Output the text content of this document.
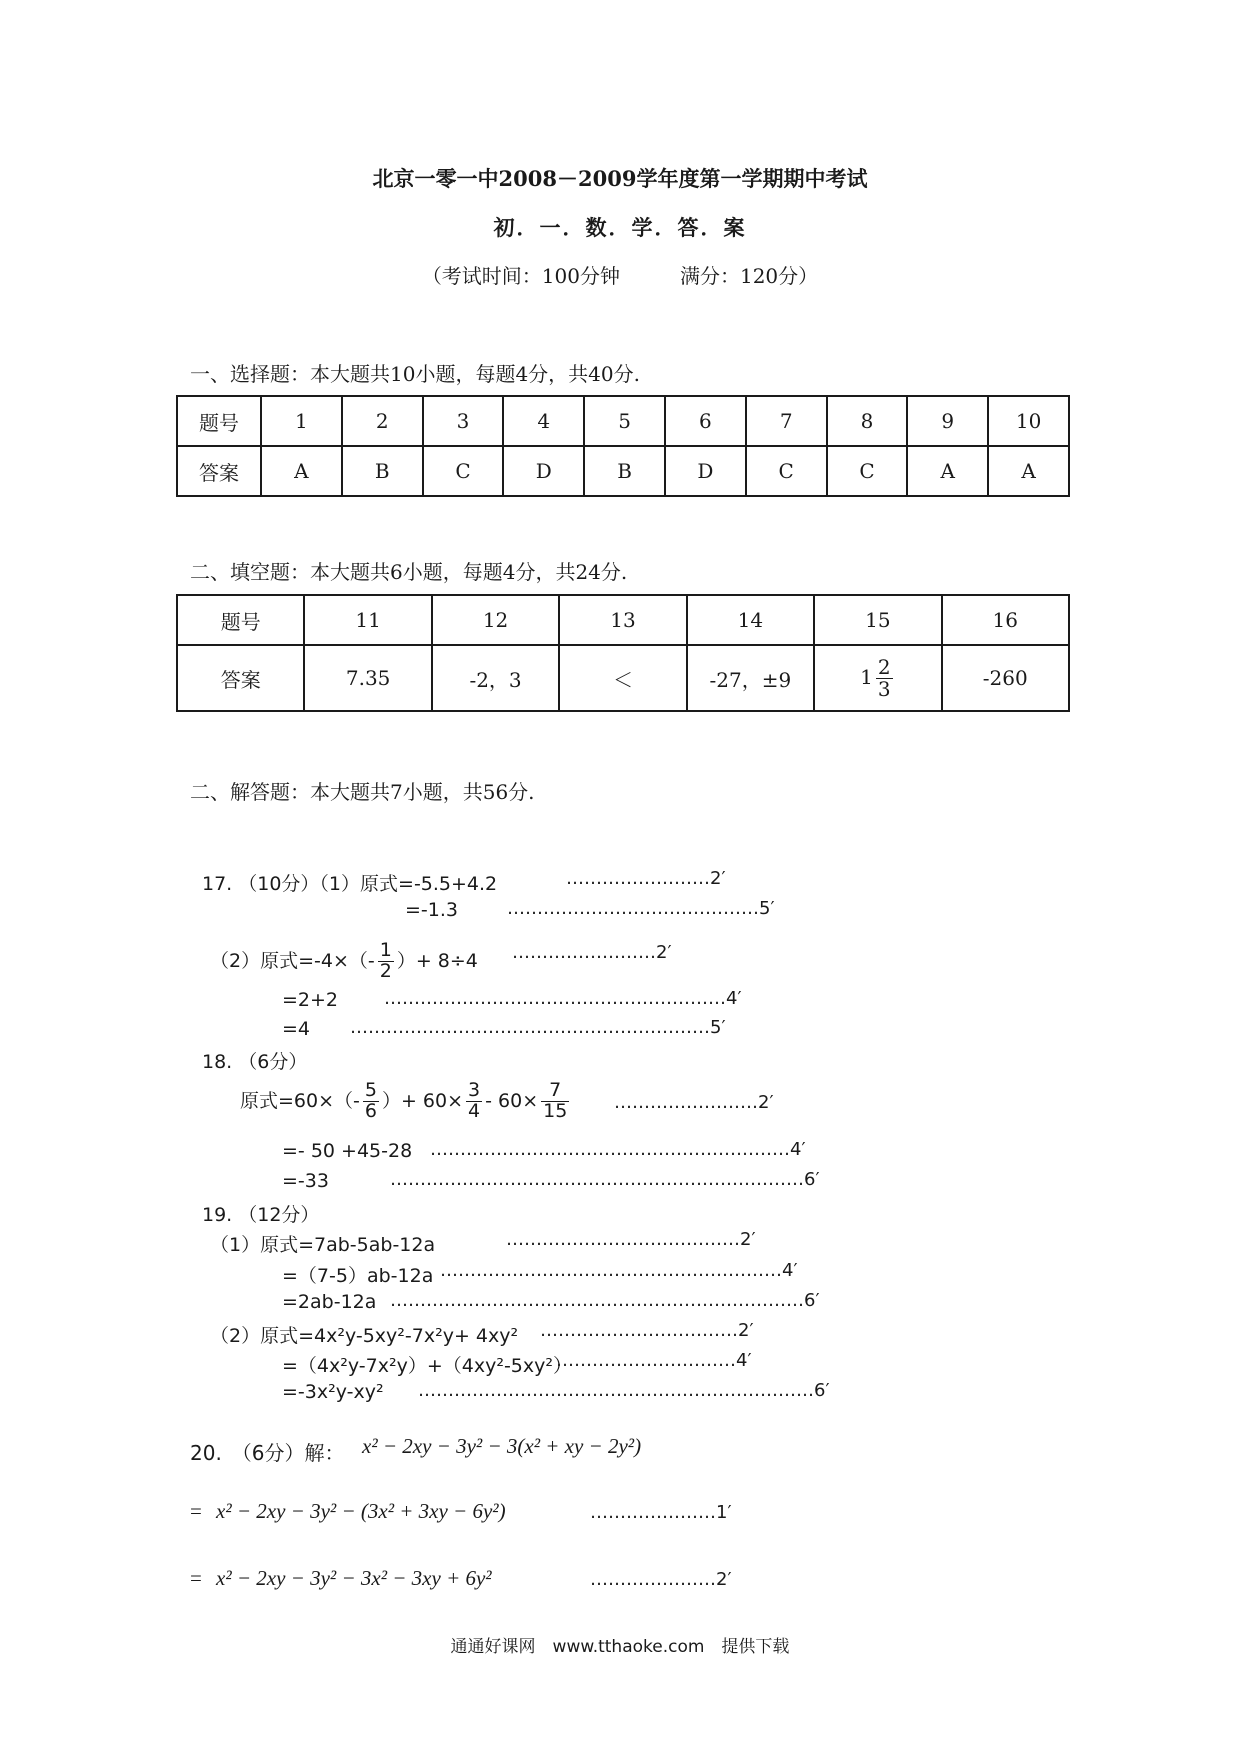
北京一零一中2008－2009学年度第一学期期中考试
初．一．数．学．答．案
（考试时间：100分钟　　　满分：120分）
一、选择题：本大题共10小题，每题4分，共40分.
题号	1	2	3	4	5	6	7	8	9	10
答案	A	B	C	D	B	D	C	C	A	A
二、填空题：本大题共6小题，每题4分，共24分.
题号	11	12	13	14	15	16
答案	7.35	-2，3	＜	-27，±9	$1 \frac{2}{3}$	-260
二、解答题：本大题共7小题，共56分.
17. （10分）（1）原式=-5.5+4.2	……………………2′
=-1.3	……………………………………5′
（2）原式$=-4\times(- \frac{1}{2}$ ）+ 8÷4 ……………………2′
=2+2	…………………………………………………4′
=4 ……………………………………………………5′
18. （6分）
原式$=60\times(- \frac{5}{6}$ ）+ $60\times \frac{3}{4} - 60\times \frac{7}{15}$ ……………………2′
=- 50 +45-28 ……………………………………………………4′
=-33	……………………………………………………………6′
19. （12分）
（1）原式=7ab-5ab-12a	…………………………………2′
=（7-5）ab-12a …………………………………………………4′
=2ab-12a ……………………………………………………………6′
（2）原式=4x²y-5xy²-7x²y+ 4xy² ……………………………2′
=（4x²y-7x²y）+（4xy²-5xy²）
…………………………4′
=-3x²y-xy² …………………………………………………………6′
20.　（6分）解： x² − 2xy − 3y² − 3(x² + xy − 2y²)
= x² − 2xy − 3y² − (3x² + 3xy − 6y²)	…………………1′
= x² − 2xy − 3y² − 3x² − 3xy + 6y²	…………………2′
通通好课网　www.tthaoke.com　提供下载
